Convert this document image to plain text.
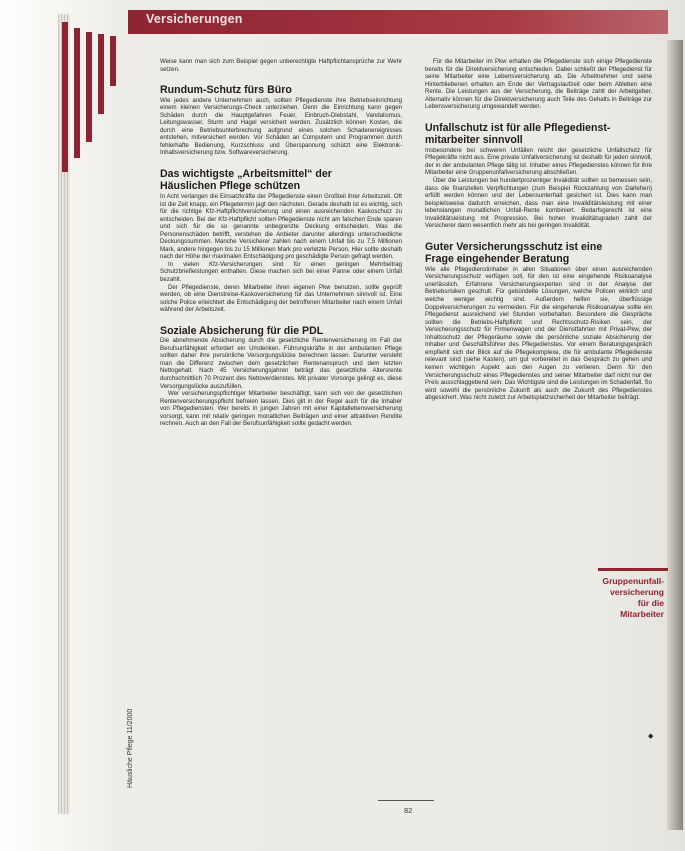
Versicherungen
Häusliche Pflege 11/2000

Weise kann man sich zum Beispiel gegen unberechtigte Haftpflichtansprüche zur Wehr setzen.

Rundum-Schutz fürs Büro

Wie jedes andere Unternehmen auch, sollten Pflegedienste ihre Betriebseinrichtung einem kleinen Versicherungs-Check unterziehen. Denn die Einrichtung kann gegen Schäden durch die Hauptgefahren Feuer, Einbruch-Diebstahl, Vandalismus, Leitungswasser, Sturm und Hagel versichert werden. Zusätzlich können Kosten, die durch eine Betriebsunterbrechung aufgrund eines solchen Schadenereignisses entstehen, mitversichert werden. Vor Schäden an Computern und Programmen durch fehlerhafte Bedienung, Kurzschluss und Überspannung schützt eine Elektronik-Inhaltsversicherung bzw. Softwareversicherung.

Das wichtigste „Arbeitsmittel“ der
Häuslichen Pflege schützen

In Acht verlangen die Einsatzkräfte der Pflegedienste einen Großteil ihrer Arbeitszeit. Oft ist die Zeit knapp, ein Pflegetermin jagt den nächsten. Gerade deshalb ist es wichtig, sich für die richtige Kfz-Haftpflichtversicherung und einen ausreichenden Kaskoschutz zu entscheiden. Bei der Kfz-Haftpflicht sollten Pflegedienste nicht am falschen Ende sparen und sich für die so genannte unbegrenzte Deckung entscheiden. Was die Personenschäden betrifft, verstehen die Anbieter darunter allerdings unterschiedliche Deckungssummen. Manche Versicherer zahlen nach einem Unfall bis zu 7,5 Millionen Mark, andere hingegen bis zu 15 Millionen Mark pro verletzte Person. Hier sollte deshalb nach der Höhe der maximalen Entschädigung pro geschädigte Person gefragt werden.

In vielen Kfz-Versicherungen sind für einen geringen Mehrbeitrag Schutzbriefleistungen enthalten. Diese machen sich bei einer Panne oder einem Unfall bezahlt.

Der Pflegedienste, deren Mitarbeiter ihren eigenen Pkw benutzen, sollte geprüft werden, ob eine Dienstreise-Kaskoversicherung für das Unternehmen sinnvoll ist. Eine solche Police erleichtert die Entschädigung der betroffenen Mitarbeiter nach einem Unfall während der Arbeitszeit.

Soziale Absicherung für die PDL

Die abnehmende Absicherung durch die gesetzliche Rentenversicherung im Fall der Berufsunfähigkeit erfordert ein Umdenken. Führungskräfte in der ambulanten Pflege sollten daher ihre persönliche Versorgungslücke berechnen lassen. Darunter versteht man die Differenz zwischen dem gesetzlichen Rentenanspruch und dem letzten Nettogehalt. Nach 45 Versicherungsjahren beträgt das gesetzliche Altersrente durchschnittlich 70 Prozent des Nettoverdienstes. Mit privater Vorsorge gelingt es, diese Versorgungslücke auszufüllen.

Wer versicherungspflichtiger Mitarbeiter beschäftigt, kann sich von der gesetzlichen Rentenversicherungspflicht befreien lassen. Dies gilt in der Regel auch für die Inhaber von Pflegediensten. Wer bereits in jungen Jahren mit einer Kapitallebensversicherung vorsorgt, kann mit relativ geringen monatlichen Beiträgen und einer attraktiven Rendite rechnen. Auch an den Fall der Berufsunfähigkeit sollte gedacht werden.

Für die Mitarbeiter im Pkw erhalten die Pflegedienste sich einige Pflegedienste bereits für die Direktversicherung entschieden. Dabei schließt der Pflegedienst für seine Mitarbeiter eine Lebensversicherung ab. Die Arbeitnehmer und seine Hinterbliebenen erhalten am Ende der Vertragslaufzeit oder beim Ableben eine Rente. Die Leistungen aus der Versicherung, die Beiträge zahlt der Arbeitgeber. Alternativ können für die Direktversicherung auch Teile des Gehalts in Beiträge zur Lebensversicherung umgewandelt werden.

Unfallschutz ist für alle Pflegedienst-
mitarbeiter sinnvoll

Insbesondere bei schweren Unfällen reicht der gesetzliche Unfallschutz für Pflegekräfte nicht aus. Eine private Unfallversicherung ist deshalb für jeden sinnvoll, der in der ambulanten Pflege tätig ist. Inhaber eines Pflegedienstes können für ihre Mitarbeiter eine Gruppenunfallversicherung abschließen.

Über die Leistungen bei hundertprozentiger Invalidität sollten so bemessen sein, dass die finanziellen Verpflichtungen (zum Beispiel Rückzahlung von Darlehen) erfüllt werden können und der Lebensunterhalt gesichert ist. Dies kann man beispielsweise dadurch erreichen, dass man eine Invaliditätsleistung mit einer lebenslangen monatlichen Unfall-Rente kombiniert. Bedarfsgerecht ist eine Invaliditätsleistung mit Progression. Bei hohen Invaliditätsgraden zahlt der Versicherer dann wesentlich mehr als bei geringen Invalidität.

Guter Versicherungsschutz ist eine
Frage eingehender Beratung

Wie alle Pflegedienstinhaber in allen Situationen über einen ausreichenden Versicherungsschutz verfügen soll, für den ist eine eingehende Risikoanalyse unerlässlich. Erfahrene Versicherungsexperten sind in der Analyse der Betriebsrisiken geschult. Für gebündelte Lösungen, welche Policen wirklich und welche weniger wichtig sind. Außerdem helfen sie, überflüssige Doppelversicherungen zu vermeiden. Für die eingehende Risikoanalyse sollte ein Pflegedienst ausreichend viel Stunden vorbehalten. Besondere die Gespräche sollten die Betriebs-Haftpflicht und Rechtsschutz-Risiken sein, der Versicherungsschutz für Firmenwagen und der Dienstfahrten mit Privat-Pkw, der Inhaltsschutz der Pflegeräume sowie die persönliche soziale Absicherung der Inhaber und Geschäftsführer des Pflegedienstes. Vor einem Beratungsgespräch empfiehlt sich der Blick auf die Pflegekomplexe, die für ambulante Pflegedienste relevant sind (siehe Kasten), um gut vorbereitet in das Gespräch zu gehen und keinen wichtigen Aspekt aus den Augen zu verlieren. Denn für den Versicherungsschutz eines Pflegedienstes und seiner Mitarbeiter darf nicht nur der Preis ausschlaggebend sein. Das Wichtigste sind die Leistungen im Schadenfall. So wird sowohl die persönliche Zukunft als auch die Zukunft des Pflegedienstes abgesichert. Was nicht zuletzt zur Arbeitsplatzsicherheit der Mitarbeiter beiträgt.

Gruppenunfall-
versicherung
für die
Mitarbeiter
◆
82
